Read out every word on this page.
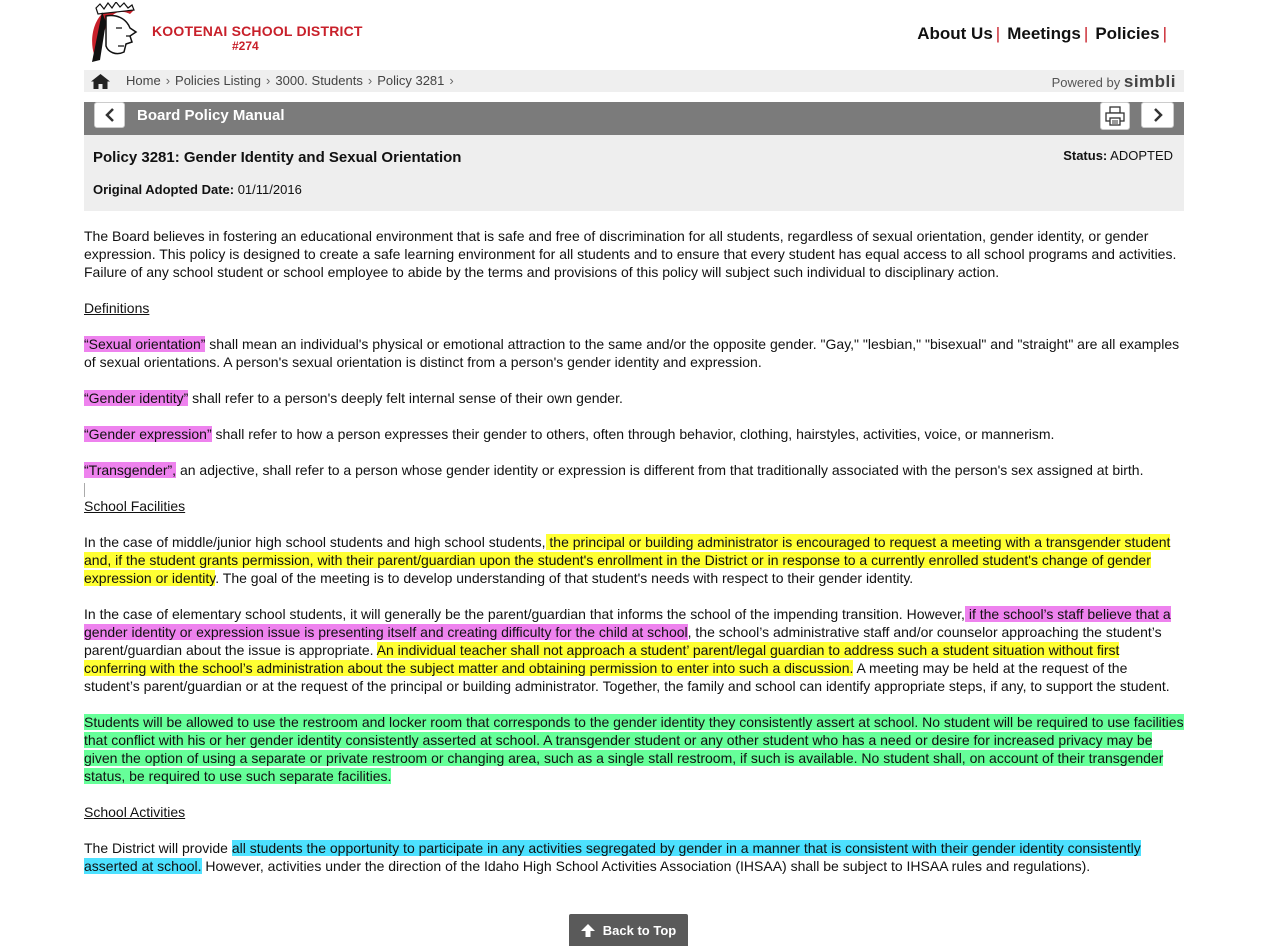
KOOTENAI SCHOOL DISTRICT
#274
About Us | Meetings | Policies |
Home › Policies Listing › 3000. Students › Policy 3281 ›	Powered by simbli
Board Policy Manual
Policy 3281: Gender Identity and Sexual Orientation	Status: ADOPTED
Original Adopted Date: 01/11/2016

The Board believes in fostering an educational environment that is safe and free of discrimination for all students, regardless of sexual orientation, gender identity, or gender expression. This policy is designed to create a safe learning environment for all students and to ensure that every student has equal access to all school programs and activities. Failure of any school student or school employee to abide by the terms and provisions of this policy will subject such individual to disciplinary action.

Definitions

“Sexual orientation” shall mean an individual's physical or emotional attraction to the same and/or the opposite gender. "Gay," "lesbian," "bisexual" and "straight" are all examples of sexual orientations. A person's sexual orientation is distinct from a person's gender identity and expression.

“Gender identity” shall refer to a person's deeply felt internal sense of their own gender.

“Gender expression” shall refer to how a person expresses their gender to others, often through behavior, clothing, hairstyles, activities, voice, or mannerism.

“Transgender”, an adjective, shall refer to a person whose gender identity or expression is different from that traditionally associated with the person's sex assigned at birth.

School Facilities

In the case of middle/junior high school students and high school students, the principal or building administrator is encouraged to request a meeting with a transgender student and, if the student grants permission, with their parent/guardian upon the student's enrollment in the District or in response to a currently enrolled student's change of gender expression or identity. The goal of the meeting is to develop understanding of that student's needs with respect to their gender identity.

In the case of elementary school students, it will generally be the parent/guardian that informs the school of the impending transition. However, if the school’s staff believe that a gender identity or expression issue is presenting itself and creating difficulty for the child at school, the school’s administrative staff and/or counselor approaching the student’s parent/guardian about the issue is appropriate. An individual teacher shall not approach a student’ parent/legal guardian to address such a student situation without first conferring with the school’s administration about the subject matter and obtaining permission to enter into such a discussion. A meeting may be held at the request of the student’s parent/guardian or at the request of the principal or building administrator. Together, the family and school can identify appropriate steps, if any, to support the student.

Students will be allowed to use the restroom and locker room that corresponds to the gender identity they consistently assert at school. No student will be required to use facilities that conflict with his or her gender identity consistently asserted at school. A transgender student or any other student who has a need or desire for increased privacy may be given the option of using a separate or private restroom or changing area, such as a single stall restroom, if such is available. No student shall, on account of their transgender status, be required to use such separate facilities.

School Activities

The District will provide all students the opportunity to participate in any activities segregated by gender in a manner that is consistent with their gender identity consistently asserted at school. However, activities under the direction of the Idaho High School Activities Association (IHSAA) shall be subject to IHSAA rules and regulations).

Back to Top
